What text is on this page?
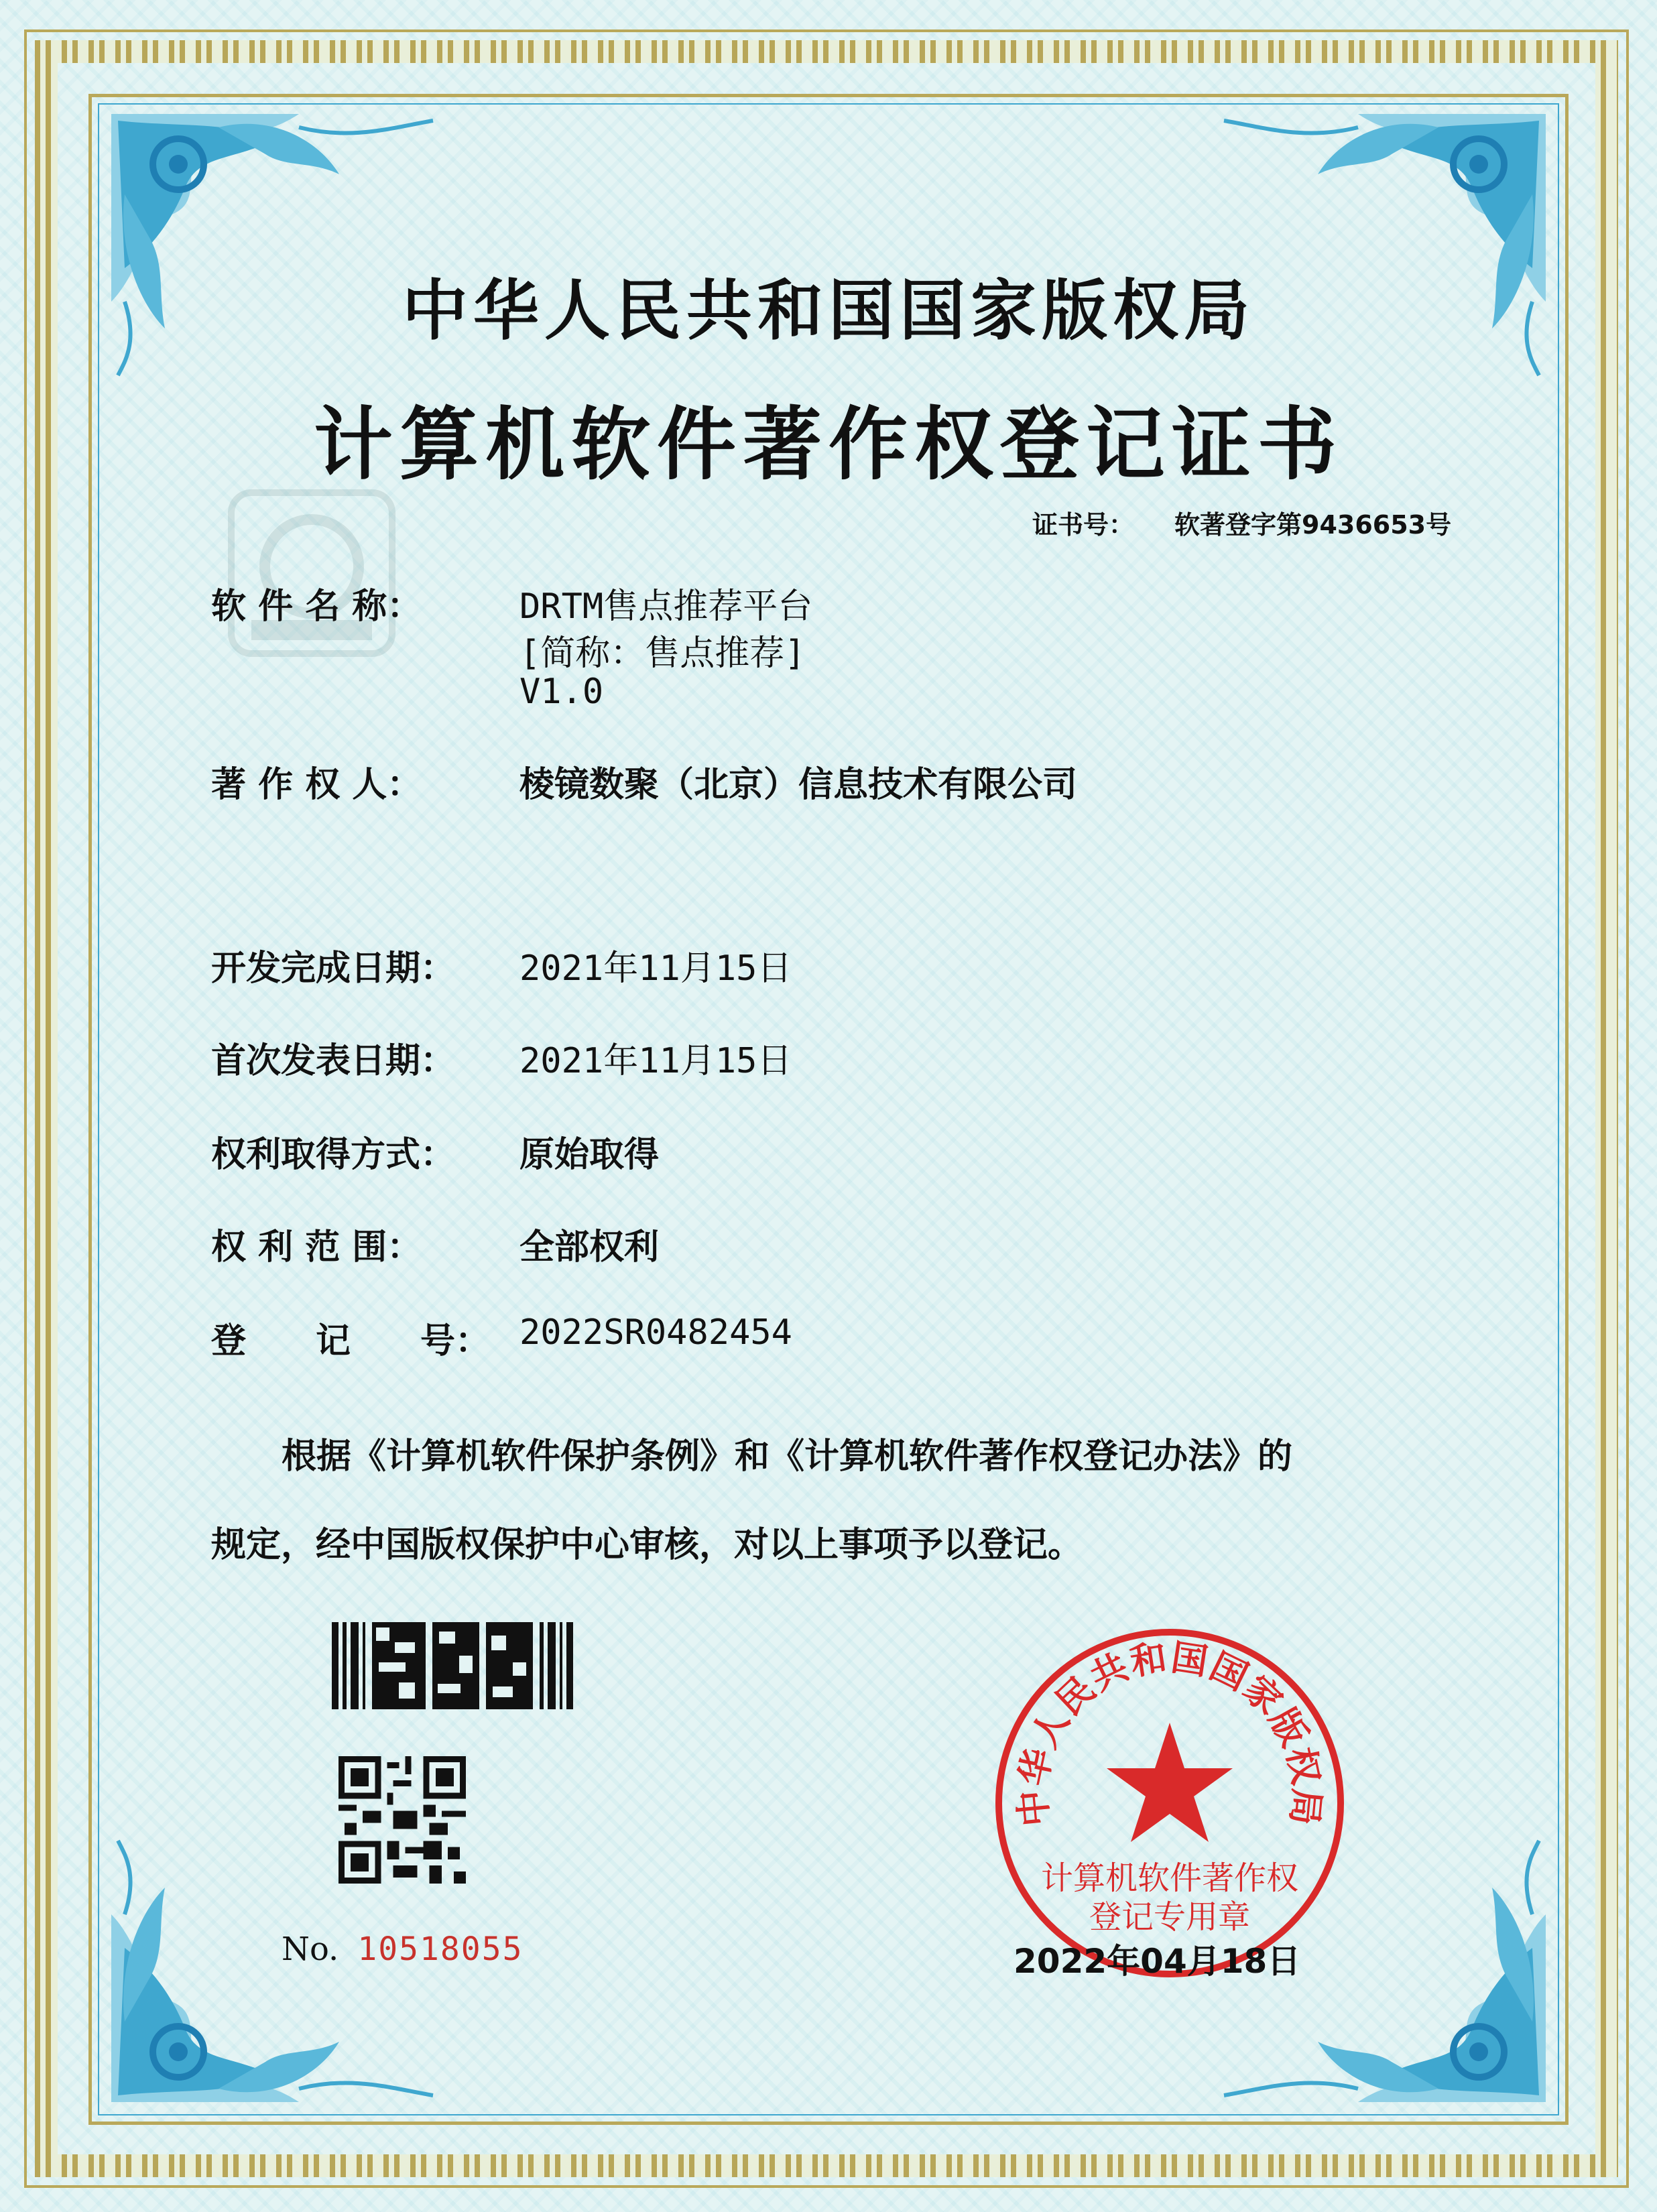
中华人民共和国国家版权局
计算机软件著作权登记证书
证书号： 软著登字第9436653号
软 件 名 称：	DRTM售点推荐平台
[简称：售点推荐]
V1.0
著 作 权 人：	棱镜数聚（北京）信息技术有限公司
开发完成日期： 2021年11月15日
首次发表日期： 2021年11月15日
权利取得方式： 原始取得
权 利 范 围：	全部权利
登　　记　　号： 2022SR0482454
根据《计算机软件保护条例》和《计算机软件著作权登记办法》的
规定，经中国版权保护中心审核，对以上事项予以登记。
No. 10518055
中华人民共和国国家版权局
计算机软件著作权
登记专用章
2022年04月18日
